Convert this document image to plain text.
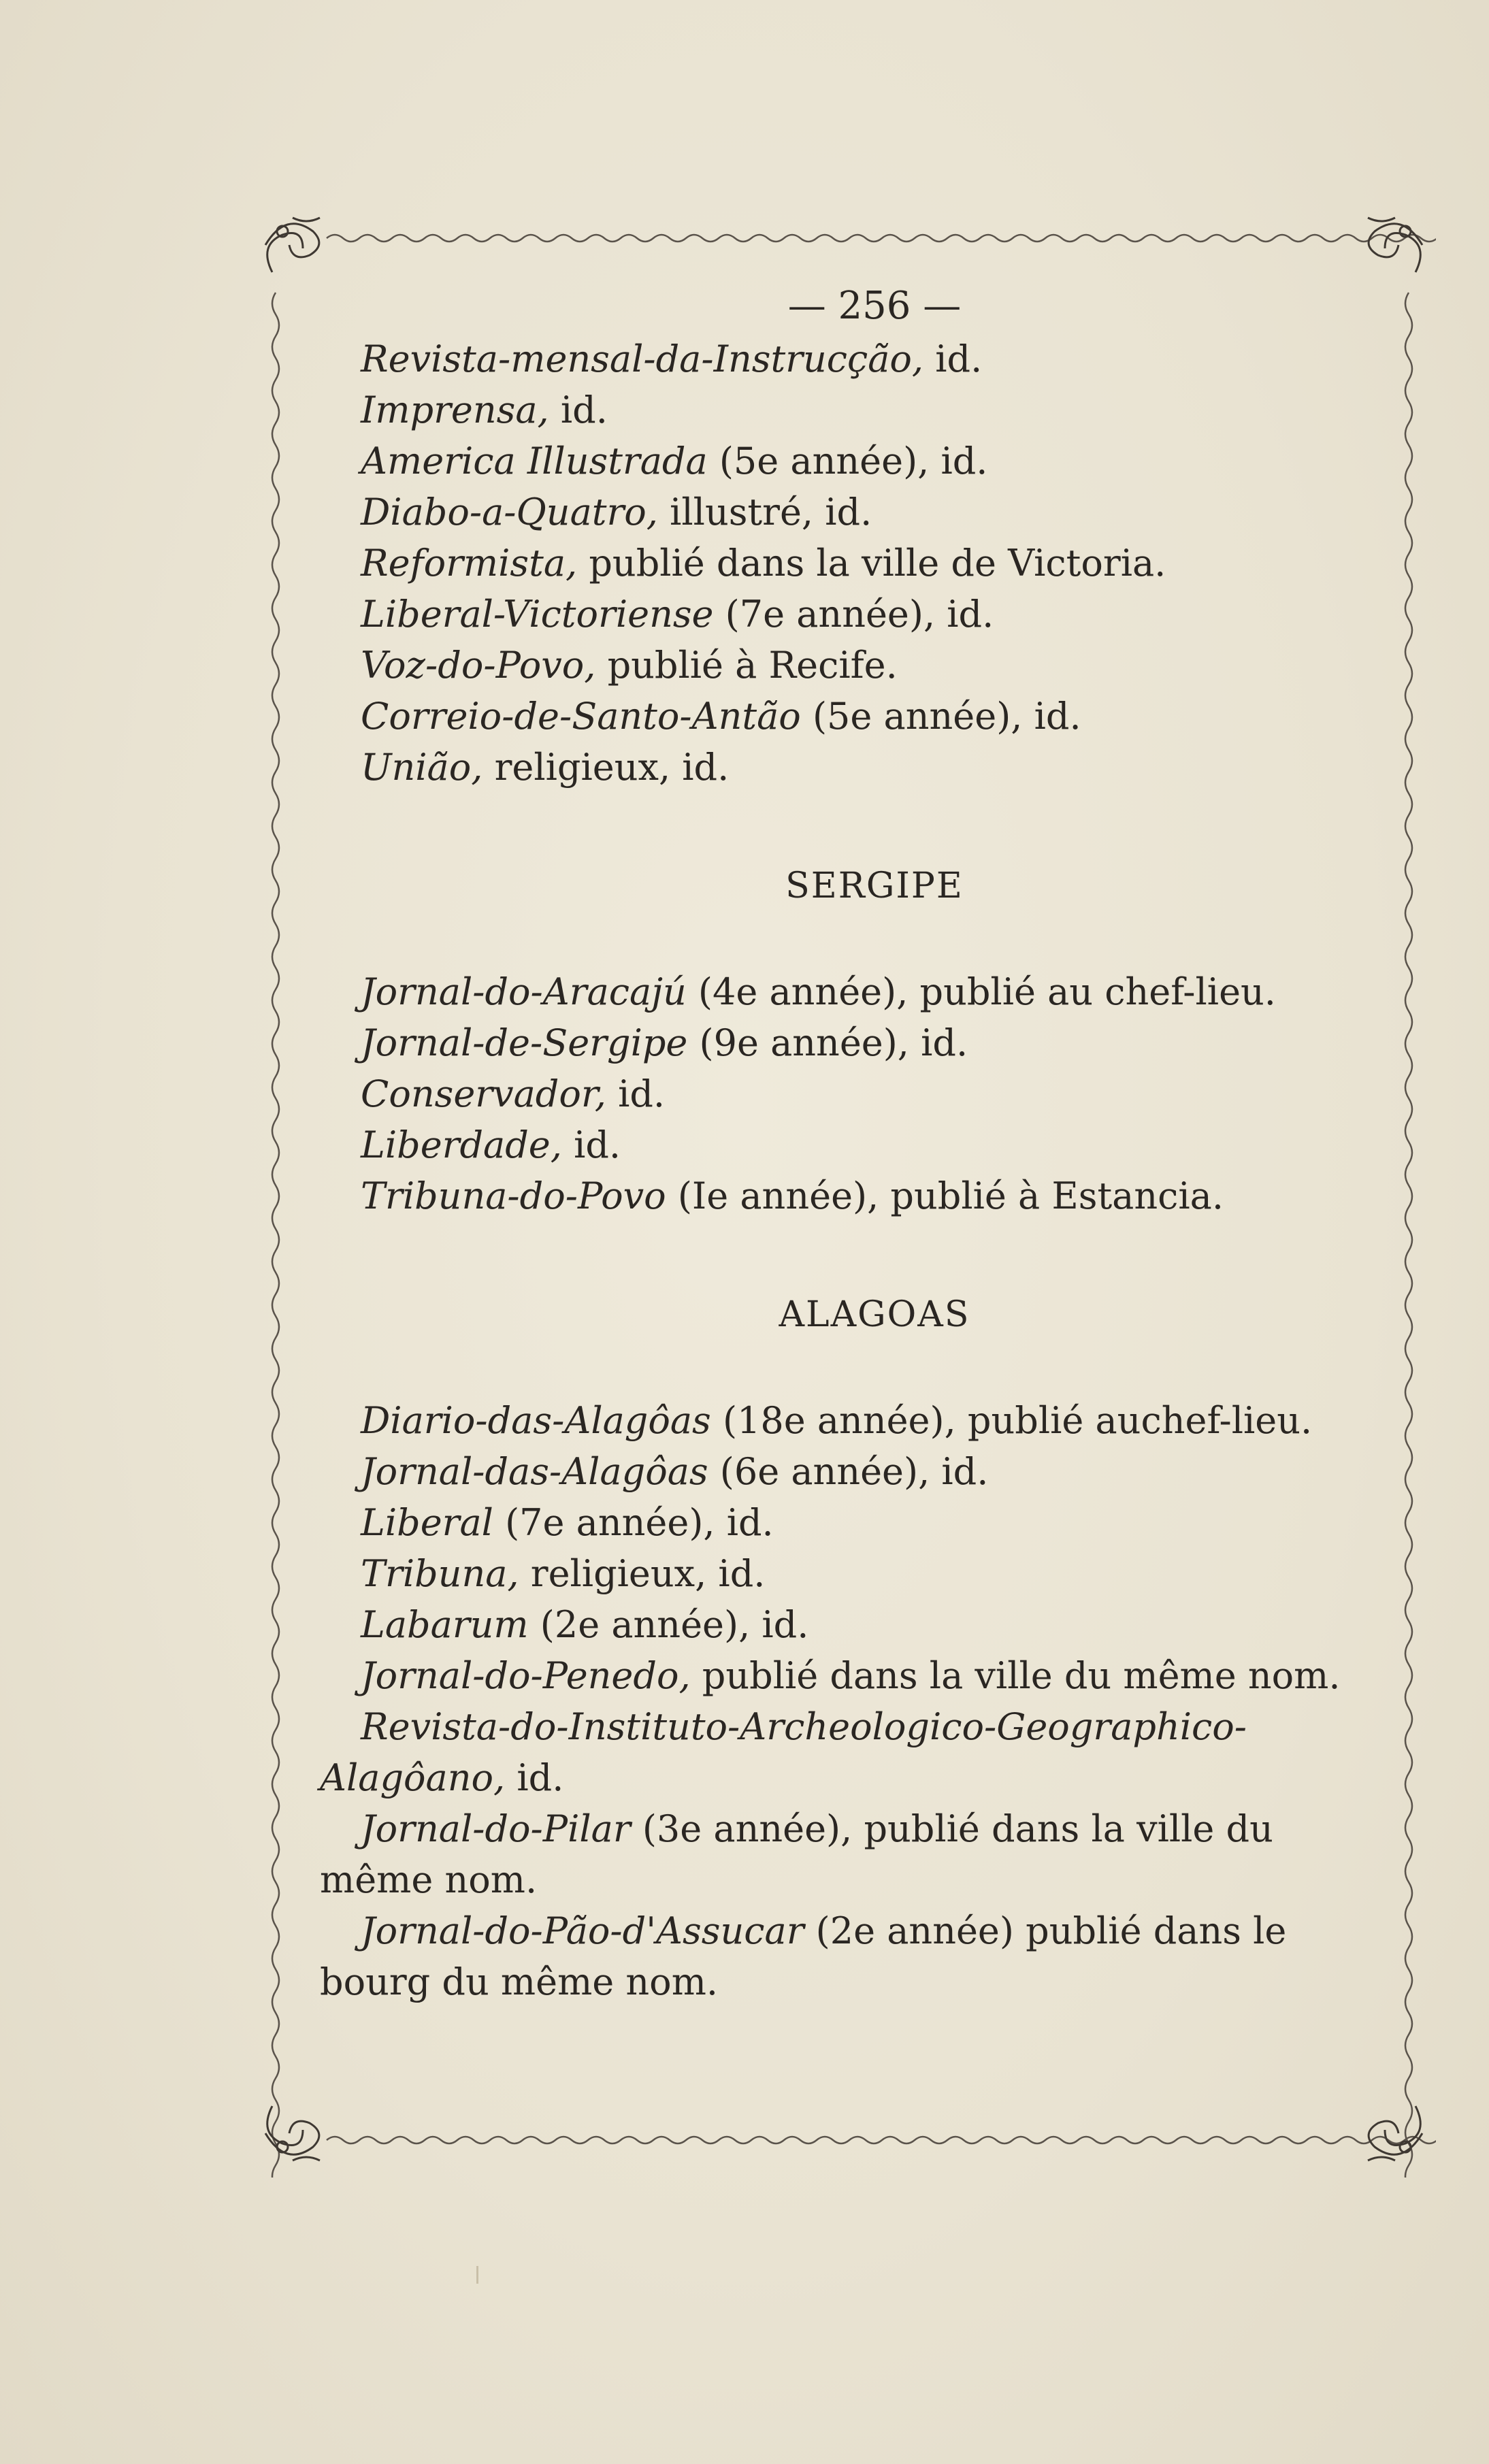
— 256 —
Revista-mensal-da-Instrucção, id.
Imprensa, id.
America Illustrada (5e année), id.
Diabo-a-Quatro, illustré, id.
Reformista, publié dans la ville de Victoria.
Liberal-Victoriense (7e année), id.
Voz-do-Povo, publié à Recife.
Correio-de-Santo-Antão (5e année), id.
União, religieux, id.
SERGIPE
Jornal-do-Aracajú (4e année), publié au chef-lieu.
Jornal-de-Sergipe (9e année), id.
Conservador, id.
Liberdade, id.
Tribuna-do-Povo (Ie année), publié à Estancia.
ALAGOAS
Diario-das-Alagôas (18e année), publié auchef-lieu.
Jornal-das-Alagôas (6e année), id.
Liberal (7e année), id.
Tribuna, religieux, id.
Labarum (2e année), id.
Jornal-do-Penedo, publié dans la ville du même nom.
Revista-do-Instituto-Archeologico-Geographico-Alagôano, id.
Jornal-do-Pilar (3e année), publié dans la ville du même nom.
Jornal-do-Pão-d'Assucar (2e année) publié dans le bourg du même nom.
